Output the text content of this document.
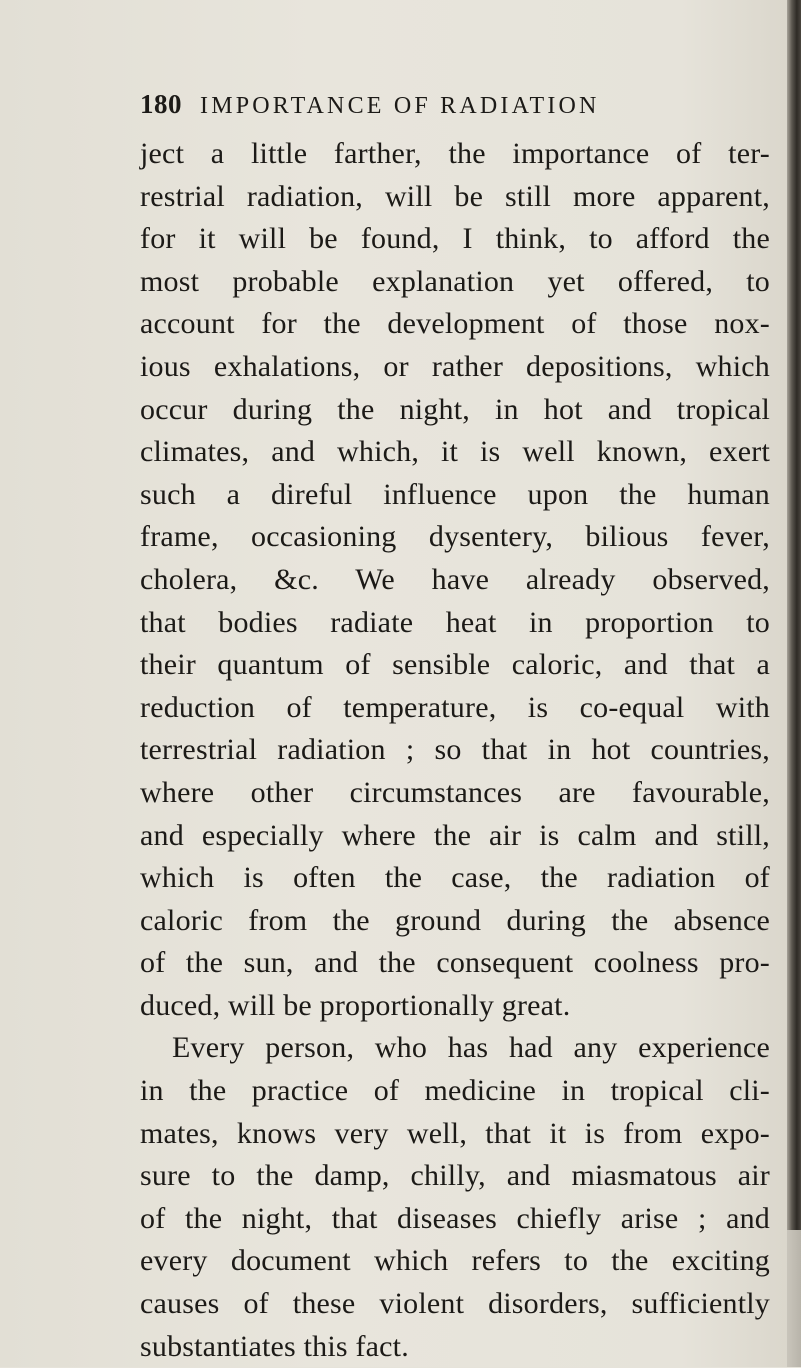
180 IMPORTANCE OF RADIATION
ject a little farther, the importance of ter-
restrial radiation, will be still more apparent,
for it will be found, I think, to afford the
most probable explanation yet offered, to
account for the development of those nox-
ious exhalations, or rather depositions, which
occur during the night, in hot and tropical
climates, and which, it is well known, exert
such a direful influence upon the human
frame, occasioning dysentery, bilious fever,
cholera, &c. We have already observed,
that bodies radiate heat in proportion to
their quantum of sensible caloric, and that a
reduction of temperature, is co-equal with
terrestrial radiation ; so that in hot countries,
where other circumstances are favourable,
and especially where the air is calm and still,
which is often the case, the radiation of
caloric from the ground during the absence
of the sun, and the consequent coolness pro-
duced, will be proportionally great.
Every person, who has had any experience
in the practice of medicine in tropical cli-
mates, knows very well, that it is from expo-
sure to the damp, chilly, and miasmatous air
of the night, that diseases chiefly arise ; and
every document which refers to the exciting
causes of these violent disorders, sufficiently
substantiates this fact.
